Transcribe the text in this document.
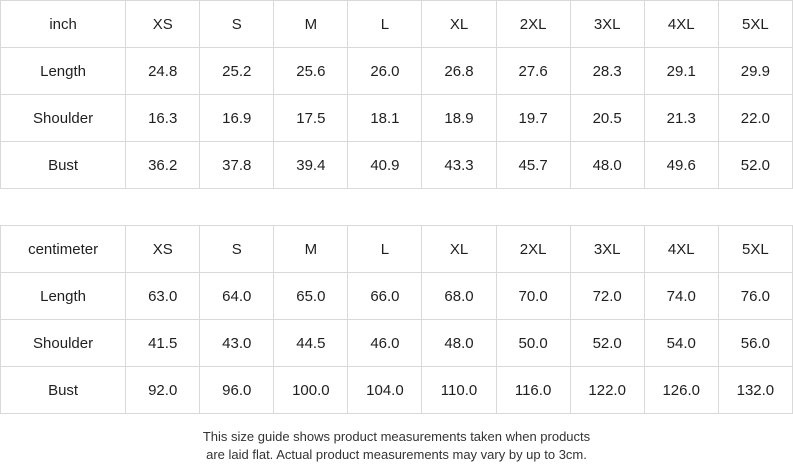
inch	XS	S	M	L	XL	2XL	3XL	4XL	5XL
Length	24.8	25.2	25.6	26.0	26.8	27.6	28.3	29.1	29.9
Shoulder	16.3	16.9	17.5	18.1	18.9	19.7	20.5	21.3	22.0
Bust	36.2	37.8	39.4	40.9	43.3	45.7	48.0	49.6	52.0
centimeter	XS	S	M	L	XL	2XL	3XL	4XL	5XL
Length	63.0	64.0	65.0	66.0	68.0	70.0	72.0	74.0	76.0
Shoulder	41.5	43.0	44.5	46.0	48.0	50.0	52.0	54.0	56.0
Bust	92.0	96.0	100.0	104.0	110.0	116.0	122.0	126.0	132.0
This size guide shows product measurements taken when products
are laid flat. Actual product measurements may vary by up to 3cm.
